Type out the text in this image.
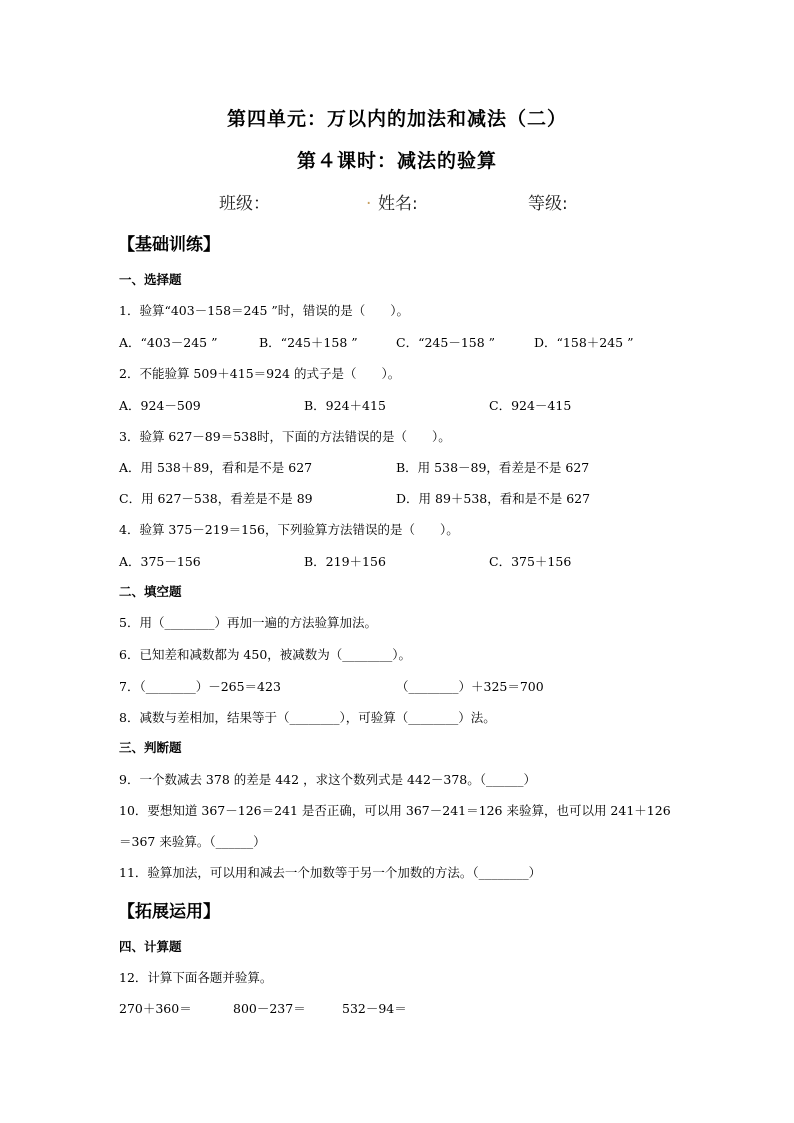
第四单元：万以内的加法和减法（二）
第４课时：减法的验算
班级：	. 姓名:	等级:
【基础训练】
一、选择题
1．验算“403－158＝245 ”时，错误的是（　　）。
A．“403－245 ”	B．“245＋158 ”	C．“245－158 ”	D．“158＋245 ”
2．不能验算 509＋415＝924 的式子是（　　）。
A．924－509	B．924＋415	C．924－415
3．验算 627－89＝538时，下面的方法错误的是（　　）。
A．用 538＋89，看和是不是 627	B．用 538－89，看差是不是 627
C．用 627－538，看差是不是 89	D．用 89＋538，看和是不是 627
4．验算 375－219＝156，下列验算方法错误的是（　　）。
A．375－156	B．219＋156	C．375＋156
二、填空题
5．用（________）再加一遍的方法验算加法。
6．已知差和减数都为 450，被减数为（________）。
7．（________）－265＝423	（________）＋325＝700
8．减数与差相加，结果等于（________），可验算（________）法。
三、判断题
9．一个数减去 378 的差是 442 ，求这个数列式是 442－378。（______）
10．要想知道 367－126＝241 是否正确，可以用 367－241＝126 来验算，也可以用 241＋126
＝367 来验算。（______）
11．验算加法，可以用和减去一个加数等于另一个加数的方法。（________）
【拓展运用】
四、计算题
12．计算下面各题并验算。
270＋360＝	800－237＝	532－94＝
